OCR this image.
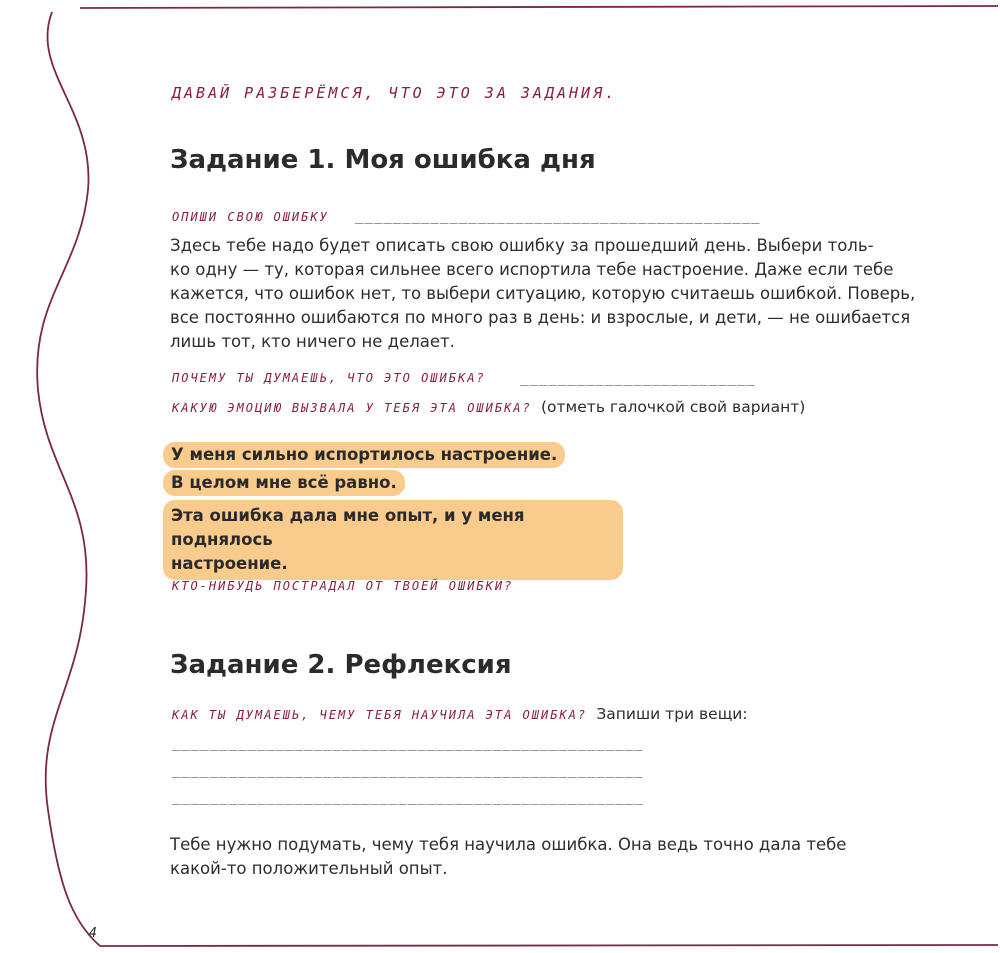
ДАВАЙ РАЗБЕРЁМСЯ, ЧТО ЭТО ЗА ЗАДАНИЯ.
Задание 1. Моя ошибка дня
ОПИШИ СВОЮ ОШИБКУ ___________________________________________
Здесь тебе надо будет описать свою ошибку за прошедший день. Выбери толь-
ко одну — ту, которая сильнее всего испортила тебе настроение. Даже если тебе
кажется, что ошибок нет, то выбери ситуацию, которую считаешь ошибкой. Поверь,
все постоянно ошибаются по много раз в день: и взрослые, и дети, — не ошибается
лишь тот, кто ничего не делает.
ПОЧЕМУ ТЫ ДУМАЕШЬ, ЧТО ЭТО ОШИБКА? _________________________
КАКУЮ ЭМОЦИЮ ВЫЗВАЛА У ТЕБЯ ЭТА ОШИБКА? (отметь галочкой свой вариант)
У меня сильно испортилось настроение.
В целом мне всё равно.
Эта ошибка дала мне опыт, и у меня поднялось
настроение.
КТО-НИБУДЬ ПОСТРАДАЛ ОТ ТВОЕЙ ОШИБКИ?
Задание 2. Рефлексия
КАК ТЫ ДУМАЕШЬ, ЧЕМУ ТЕБЯ НАУЧИЛА ЭТА ОШИБКА? Запиши три вещи:
__________________________________________________
__________________________________________________
__________________________________________________
Тебе нужно подумать, чему тебя научила ошибка. Она ведь точно дала тебе
какой-то положительный опыт.
4
